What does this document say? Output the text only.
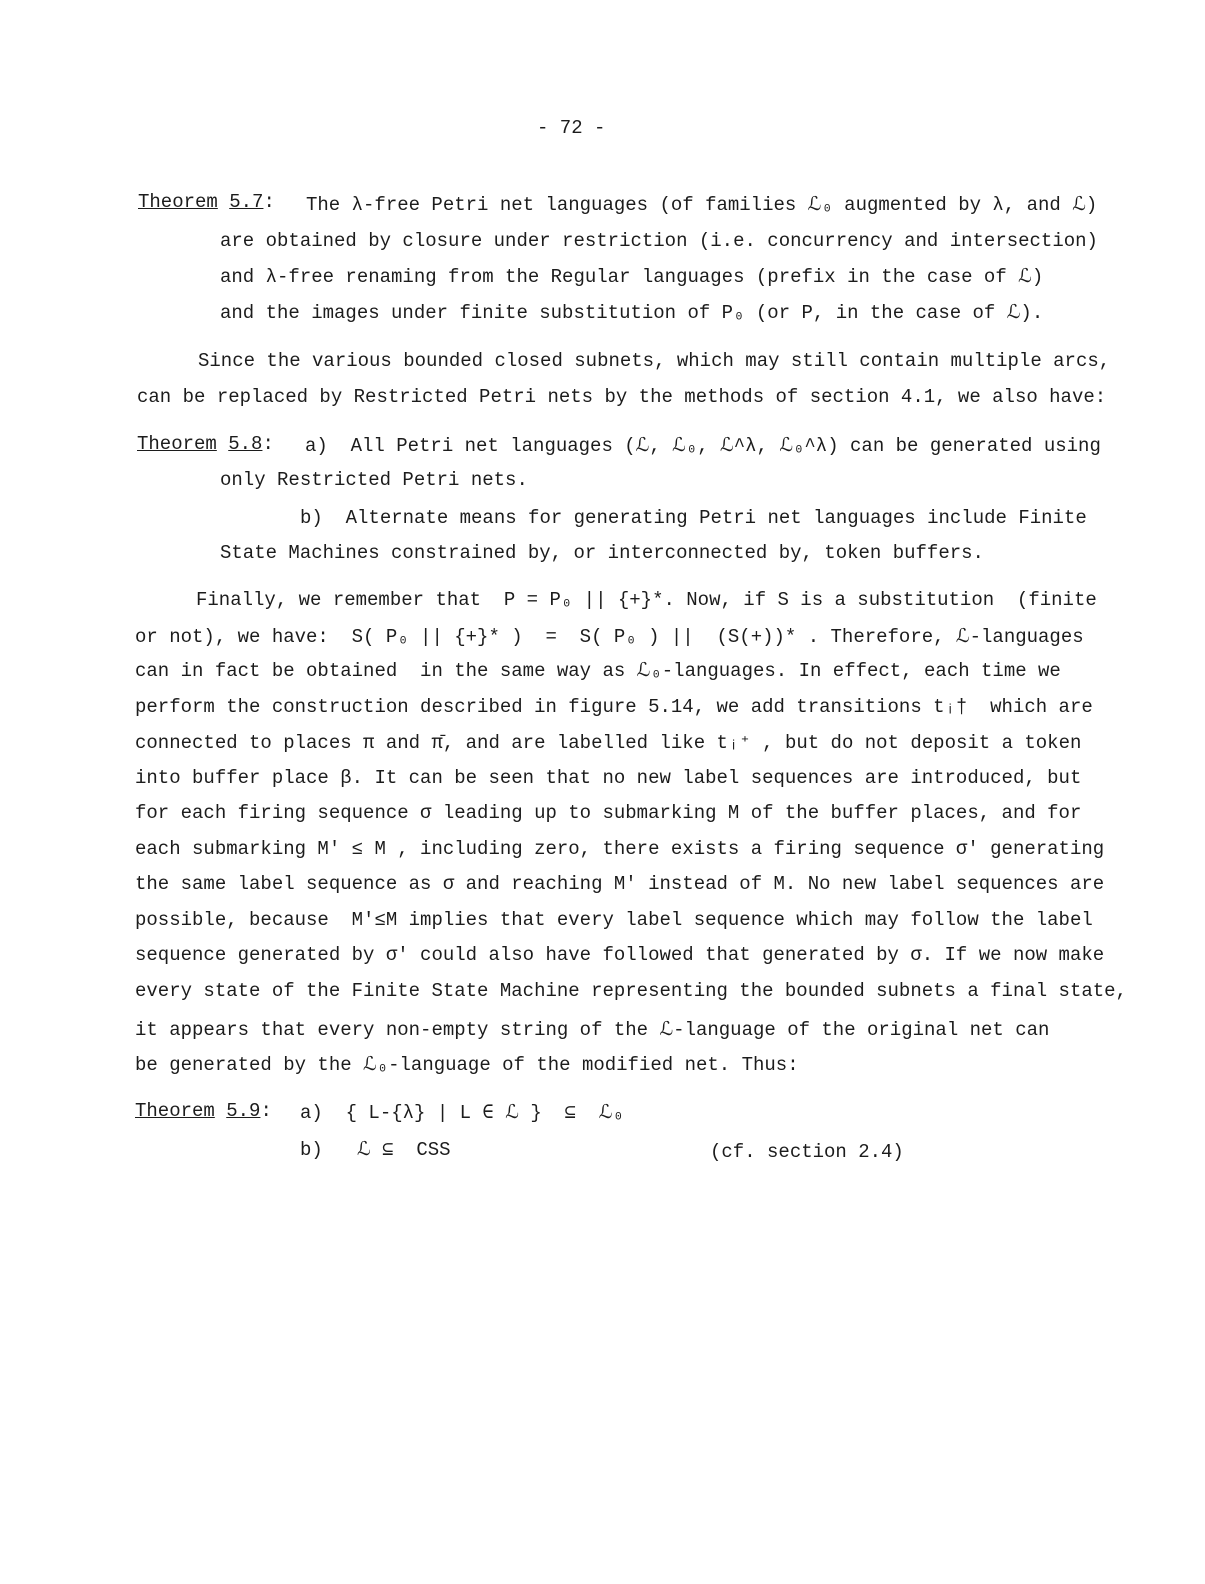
- 72 -
Theorem 5.7: The λ-free Petri net languages (of families ℒ₀ augmented by λ, and ℒ)
are obtained by closure under restriction (i.e. concurrency and intersection)
and λ-free renaming from the Regular languages (prefix in the case of ℒ)
and the images under finite substitution of P₀ (or P, in the case of ℒ).
Since the various bounded closed subnets, which may still contain multiple arcs,
can be replaced by Restricted Petri nets by the methods of section 4.1, we also have:
Theorem 5.8: a)  All Petri net languages (ℒ, ℒ₀, ℒ^λ, ℒ₀^λ) can be generated using
only Restricted Petri nets.
b)  Alternate means for generating Petri net languages include Finite
State Machines constrained by, or interconnected by, token buffers.
Finally, we remember that  P = P₀ || {+}*. Now, if S is a substitution  (finite
or not), we have:  S( P₀ || {+}* )  =  S( P₀ ) ||  (S(+))* . Therefore, ℒ-languages
can in fact be obtained  in the same way as ℒ₀-languages. In effect, each time we
perform the construction described in figure 5.14, we add transitions tᵢ†  which are
connected to places π and π̄, and are labelled like tᵢ⁺ , but do not deposit a token
into buffer place β. It can be seen that no new label sequences are introduced, but
for each firing sequence σ leading up to submarking M of the buffer places, and for
each submarking M' ≤ M , including zero, there exists a firing sequence σ' generating
the same label sequence as σ and reaching M' instead of M. No new label sequences are
possible, because  M'≤M implies that every label sequence which may follow the label
sequence generated by σ' could also have followed that generated by σ. If we now make
every state of the Finite State Machine representing the bounded subnets a final state,
it appears that every non-empty string of the ℒ-language of the original net can
be generated by the ℒ₀-language of the modified net. Thus:
Theorem 5.9: a)  { L-{λ} | L ∈ ℒ }  ⊆  ℒ₀
b)   ℒ ⊆  CSS	(cf. section 2.4)
